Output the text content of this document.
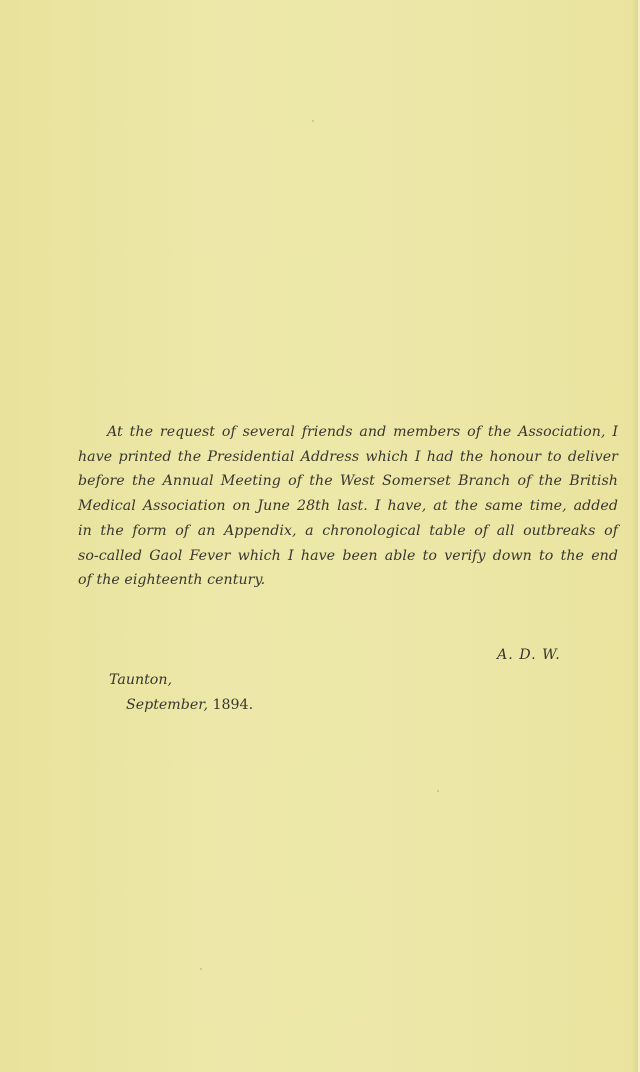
At the request of several friends and members of the Association, I
have printed the Presidential Address which I had the honour to deliver
before the Annual Meeting of the West Somerset Branch of the British
Medical Association on June 28th last. I have, at the same time, added
in the form of an Appendix, a chronological table of all outbreaks of
so-called Gaol Fever which I have been able to verify down to the end
of the eighteenth century.

A. D. W.

Taunton,

September, 1894.
